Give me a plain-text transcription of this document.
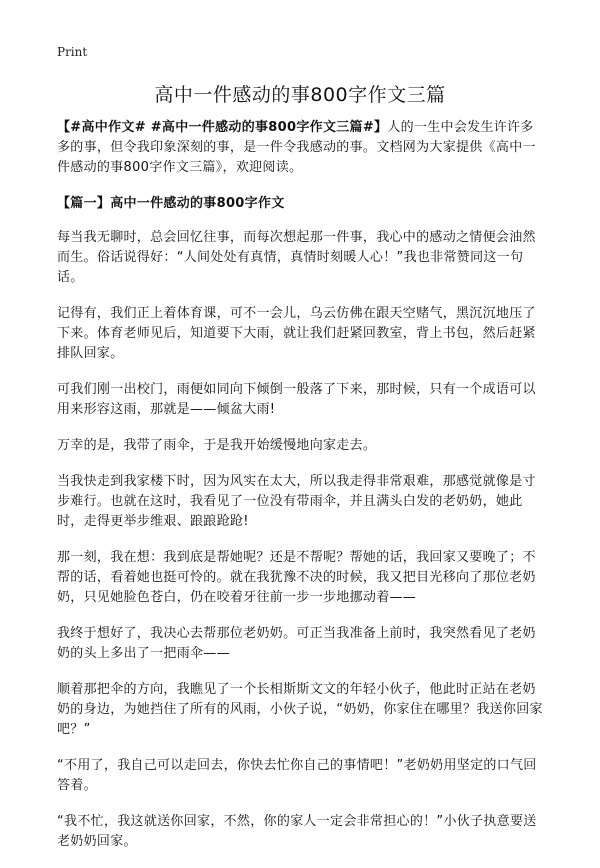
Print
高中一件感动的事800字作文三篇

【#高中作文# #高中一件感动的事800字作文三篇#】人的一生中会发生许许多多的事，但令我印象深刻的事，是一件令我感动的事。文档网为大家提供《高中一件感动的事800字作文三篇》，欢迎阅读。

【篇一】高中一件感动的事800字作文

每当我无聊时，总会回忆往事，而每次想起那一件事，我心中的感动之情便会油然而生。俗话说得好：“人间处处有真情，真情时刻暖人心！”我也非常赞同这一句话。

记得有，我们正上着体育课，可不一会儿，乌云仿佛在跟天空赌气，黑沉沉地压了下来。体育老师见后，知道要下大雨，就让我们赶紧回教室，背上书包，然后赶紧排队回家。

可我们刚一出校门，雨便如同向下倾倒一般落了下来，那时候，只有一个成语可以用来形容这雨，那就是——倾盆大雨!

万幸的是，我带了雨伞，于是我开始缓慢地向家走去。

当我快走到我家楼下时，因为风实在太大，所以我走得非常艰难，那感觉就像是寸步难行。也就在这时，我看见了一位没有带雨伞，并且满头白发的老奶奶，她此时，走得更举步维艰、踉踉跄跄!

那一刻，我在想：我到底是帮她呢？还是不帮呢？帮她的话，我回家又要晚了；不帮的话，看着她也挺可怜的。就在我犹豫不决的时候，我又把目光移向了那位老奶奶，只见她脸色苍白，仍在咬着牙往前一步一步地挪动着——

我终于想好了，我决心去帮那位老奶奶。可正当我准备上前时，我突然看见了老奶奶的头上多出了一把雨伞——

顺着那把伞的方向，我瞧见了一个长相斯斯文文的年轻小伙子，他此时正站在老奶奶的身边，为她挡住了所有的风雨，小伙子说，“奶奶，你家住在哪里？我送你回家吧？”

“不用了，我自己可以走回去，你快去忙你自己的事情吧！”老奶奶用坚定的口气回答着。

“我不忙，我这就送你回家，不然，你的家人一定会非常担心的！”小伙子执意要送老奶奶回家。
